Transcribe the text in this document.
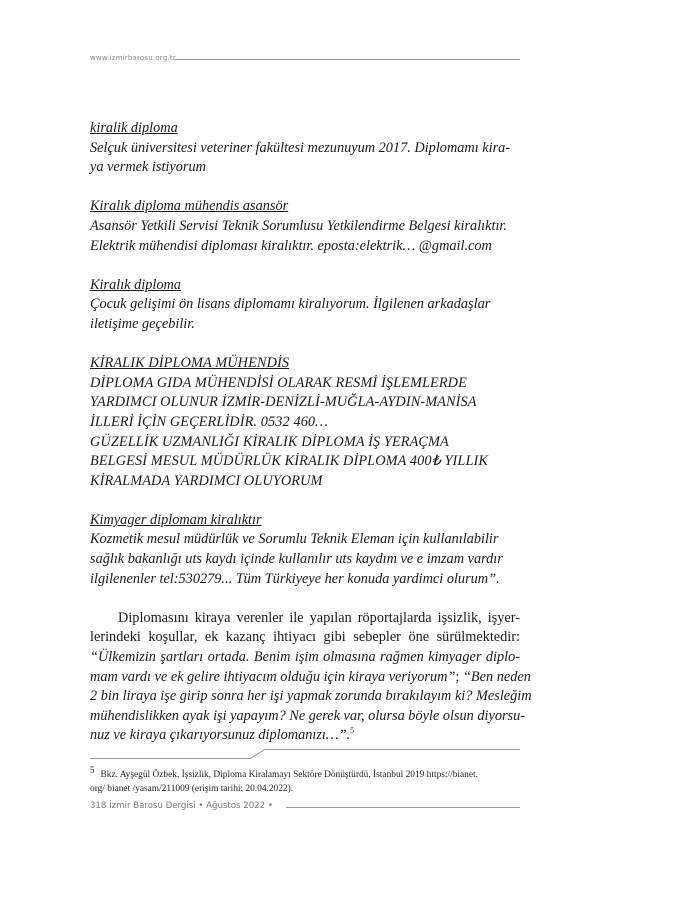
www.izmirbarosu.org.tr

kiralik diploma

Selçuk üniversitesi veteriner fakültesi mezunuyum 2017. Diplomamı kira-
ya vermek istiyorum

Kiralık diploma mühendis asansör

Asansör Yetkili Servisi Teknik Sorumlusu Yetkilendirme Belgesi kiralıktır.
Elektrik mühendisi diploması kiralıktır. eposta:elektrik… @gmail.com

Kiralık diploma

Çocuk gelişimi ön lisans diplomamı kiralıyorum. İlgilenen arkadaşlar
iletişime geçebilir.

KİRALIK DİPLOMA MÜHENDİS

DİPLOMA GIDA MÜHENDİSİ OLARAK RESMİ İŞLEMLERDE
YARDIMCI OLUNUR İZMİR-DENİZLİ-MUĞLA-AYDIN-MANİSA
İLLERİ İÇİN GEÇERLİDİR. 0532 460…
GÜZELLİK UZMANLIĞI KİRALIK DİPLOMA İŞ YERAÇMA
BELGESİ MESUL MÜDÜRLÜK KİRALIK DİPLOMA 400₺ YILLIK
KİRALMADA YARDIMCI OLUYORUM

Kimyager diplomam kiralıktır

Kozmetik mesul müdürlük ve Sorumlu Teknik Eleman için kullanılabilir
sağlık bakanlığı uts kaydı içinde kullanılır uts kaydım ve e imzam vardır
ilgilenenler tel:530279... Tüm Türkiyeye her konuda yardimci olurum”.
Diplomasını kiraya verenler ile yapılan röportajlarda işsizlik, işyer-
lerindeki koşullar, ek kazanç ihtiyacı gibi sebepler öne sürülmektedir:
“Ülkemizin şartları ortada. Benim işim olmasına rağmen kimyager diplo-
mam vardı ve ek gelire ihtiyacım olduğu için kiraya veriyorum”; “Ben neden
2 bin liraya işe girip sonra her işi yapmak zorunda bırakılayım ki? Mesleğim
mühendislikken ayak işi yapayım? Ne gerek var, olursa böyle olsun diyorsu-
nuz ve kiraya çıkarıyorsunuz diplomanızı…”.$^5$
5Bkz. Ayşegül Özbek, İşsizlik, Diploma Kiralamayı Sektöre Dönüştürdü, İstanbul 2019 https://bianet.
org/ bianet /yasam/211009 (erişim tarihi: 20.04.2022).
318 İzmir Barosu Dergisi • Ağustos 2022 •
